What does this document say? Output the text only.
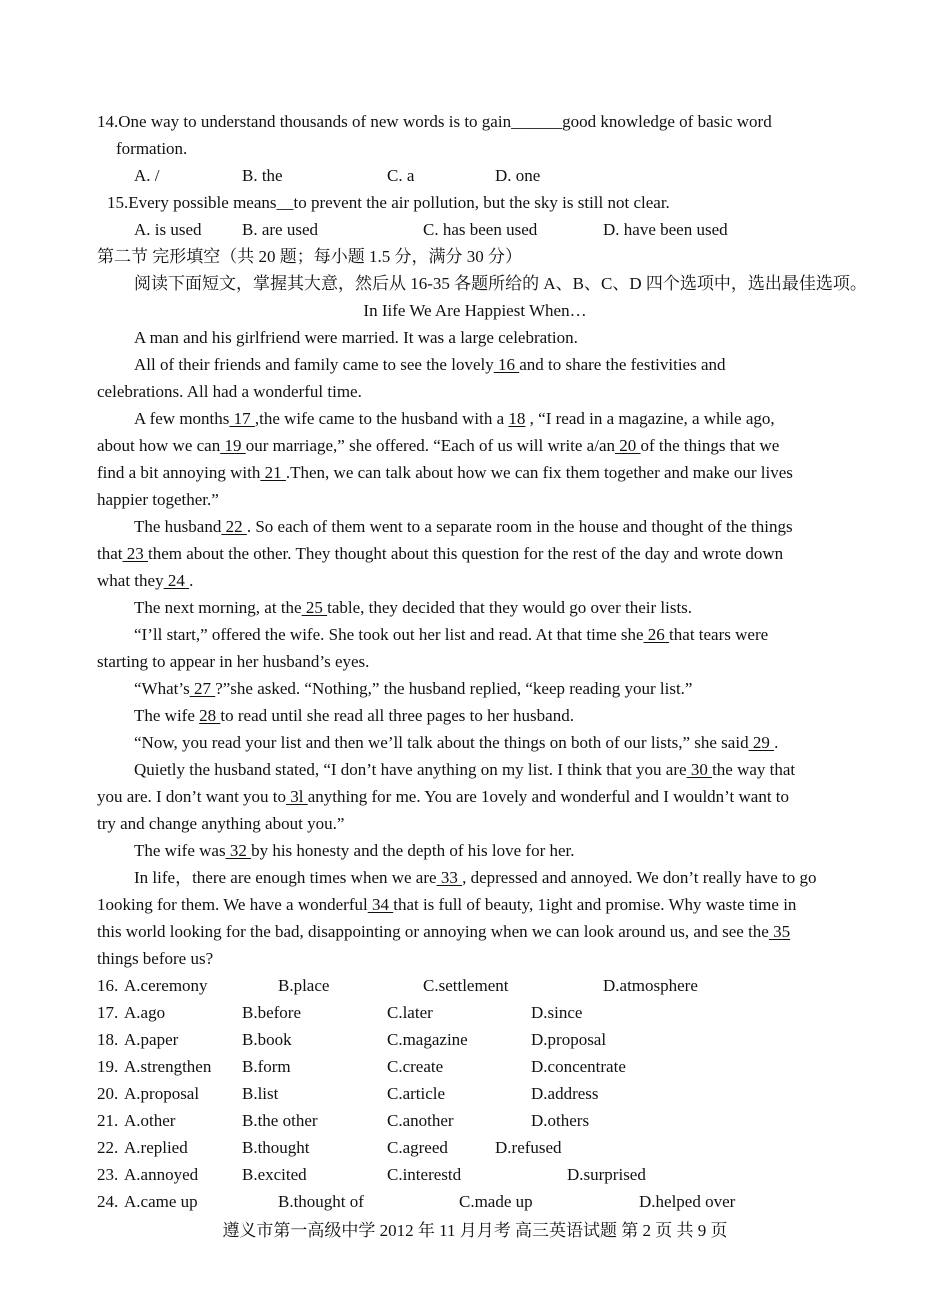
14.One way to understand thousands of new words is to gain______good knowledge of basic word
formation.
A. /	B. the	C. a	D. one
15.Every possible means__to prevent the air pollution, but the sky is still not clear.
A. is used B. are used	C. has been used	D. have been used
第二节 完形填空（共 20 题；每小题 1.5 分，满分 30 分）
阅读下面短文，掌握其大意，然后从 16-35 各题所给的 A、B、C、D 四个选项中，选出最佳选项。
In Iife We Are Happiest When…
A man and his girlfriend were married. It was a large celebration.
All of their friends and family came to see the lovely 16 and to share the festivities and
celebrations. All had a wonderful time.
A few months 17 ,the wife came to the husband with a 18 , “I read in a magazine, a while ago,
about how we can 19 our marriage,” she offered. “Each of us will write a/an 20 of the things that we
find a bit annoying with 21 .Then, we can talk about how we can fix them together and make our lives
happier together.”
The husband 22 . So each of them went to a separate room in the house and thought of the things
that 23 them about the other. They thought about this question for the rest of the day and wrote down
what they 24 .
The next morning, at the 25 table, they decided that they would go over their lists.
“I’ll start,” offered the wife. She took out her list and read. At that time she 26 that tears were
starting to appear in her husband’s eyes.
“What’s 27 ?”she asked. “Nothing,” the husband replied, “keep reading your list.”
The wife 28 to read until she read all three pages to her husband.
“Now, you read your list and then we’ll talk about the things on both of our lists,” she said 29 .
Quietly the husband stated, “I don’t have anything on my list. I think that you are 30 the way that
you are. I don’t want you to 3l anything for me. You are 1ovely and wonderful and I wouldn’t want to
try and change anything about you.”
The wife was 32 by his honesty and the depth of his love for her.
In life，there are enough times when we are 33 , depressed and annoyed. We don’t really have to go
1ooking for them. We have a wonderful 34 that is full of beauty, 1ight and promise. Why waste time in
this world looking for the bad, disappointing or annoying when we can look around us, and see the 35
things before us?
16. A.ceremony	B.place	C.settlement	D.atmosphere
17. A.ago	B.before	C.later	D.since
18. A.paper	B.book	C.magazine	D.proposal
19. A.strengthen B.form	C.create	D.concentrate
20. A.proposal	B.list	C.article	D.address
21. A.other	B.the other	C.another	D.others
22. A.replied	B.thought	C.agreed	D.refused
23. A.annoyed	B.excited	C.interestd	D.surprised
24. A.came up	B.thought of	C.made up	D.helped over
遵义市第一高级中学 2012 年 11 月月考 高三英语试题 第 2 页 共 9 页
